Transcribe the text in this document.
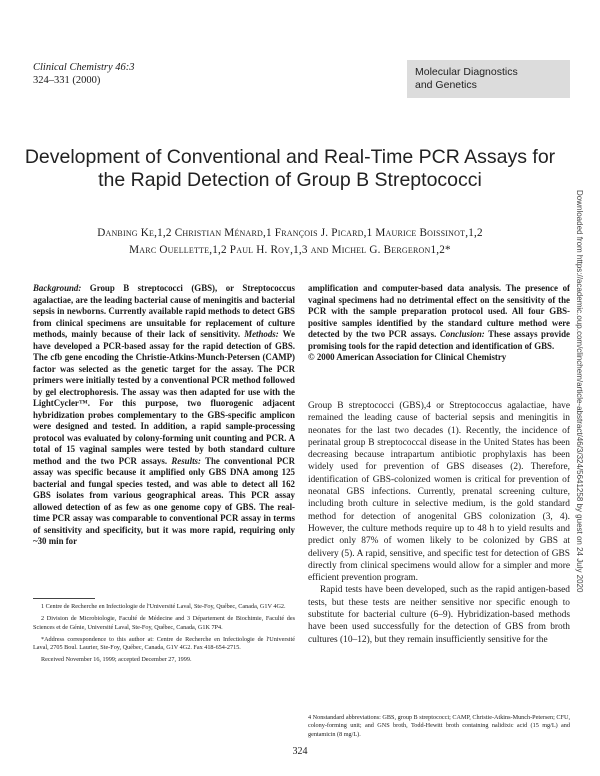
Clinical Chemistry 46:3
324–331 (2000)
Molecular Diagnostics
and Genetics
Development of Conventional and Real-Time PCR Assays for the Rapid Detection of Group B Streptococci
Danbing Ke,1,2 Christian Ménard,1 François J. Picard,1 Maurice Boissinot,1,2
Marc Ouellette,1,2 Paul H. Roy,1,3 and Michel G. Bergeron1,2*	Downloaded from https://academic.oup.com/clinchem/article-abstract/46/3/324/5641258 by guest on 24 July 2020
Background: Group B streptococci (GBS), or Streptococcus agalactiae, are the leading bacterial cause of meningitis and bacterial sepsis in newborns. Currently available rapid methods to detect GBS from clinical specimens are unsuitable for replacement of culture methods, mainly because of their lack of sensitivity. Methods: We have developed a PCR-based assay for the rapid detection of GBS. The cfb gene encoding the Christie-Atkins-Munch-Petersen (CAMP) factor was selected as the genetic target for the assay. The PCR primers were initially tested by a conventional PCR method followed by gel electrophoresis. The assay was then adapted for use with the LightCycler™. For this purpose, two fluorogenic adjacent hybridization probes complementary to the GBS-specific amplicon were designed and tested. In addition, a rapid sample-processing protocol was evaluated by colony-forming unit counting and PCR. A total of 15 vaginal samples were tested by both standard culture method and the two PCR assays. Results: The conventional PCR assay was specific because it amplified only GBS DNA among 125 bacterial and fungal species tested, and was able to detect all 162 GBS isolates from various geographical areas. This PCR assay allowed detection of as few as one genome copy of GBS. The real-time PCR assay was comparable to conventional PCR assay in terms of sensitivity and specificity, but it was more rapid, requiring only ~30 min for
amplification and computer-based data analysis. The presence of vaginal specimens had no detrimental effect on the sensitivity of the PCR with the sample preparation protocol used. All four GBS-positive samples identified by the standard culture method were detected by the two PCR assays. Conclusion: These assays provide promising tools for the rapid detection and identification of GBS.
© 2000 American Association for Clinical Chemistry

Group B streptococci (GBS),4 or Streptococcus agalactiae, have remained the leading cause of bacterial sepsis and meningitis in neonates for the last two decades (1). Recently, the incidence of perinatal group B streptococcal disease in the United States has been decreasing because intrapartum antibiotic prophylaxis has been widely used for prevention of GBS diseases (2). Therefore, identification of GBS-colonized women is critical for prevention of neonatal GBS infections. Currently, prenatal screening culture, including broth culture in selective medium, is the gold standard method for detection of anogenital GBS colonization (3, 4). However, the culture methods require up to 48 h to yield results and predict only 87% of women likely to be colonized by GBS at delivery (5). A rapid, sensitive, and specific test for detection of GBS directly from clinical specimens would allow for a simpler and more efficient prevention program.

Rapid tests have been developed, such as the rapid antigen-based tests, but these tests are neither sensitive nor specific enough to substitute for bacterial culture (6–9). Hybridization-based methods have been used successfully for the detection of GBS from broth cultures (10–12), but they remain insufficiently sensitive for the

1 Centre de Recherche en Infectiologie de l'Université Laval, Ste-Foy, Québec, Canada, G1V 4G2.

2 Division de Microbiologie, Faculté de Médecine and 3 Département de Biochimie, Faculté des Sciences et de Génie, Université Laval, Ste-Foy, Québec, Canada, G1K 7P4.

*Address correspondence to this author at: Centre de Recherche en Infectiologie de l'Université Laval, 2705 Boul. Laurier, Ste-Foy, Québec, Canada, G1V 4G2. Fax 418-654-2715.

Received November 16, 1999; accepted December 27, 1999.

4 Nonstandard abbreviations: GBS, group B streptococci; CAMP, Christie-Atkins-Munch-Petersen; CFU, colony-forming unit; and GNS broth, Todd-Hewitt broth containing nalidixic acid (15 mg/L) and gentamicin (8 mg/L).
324
